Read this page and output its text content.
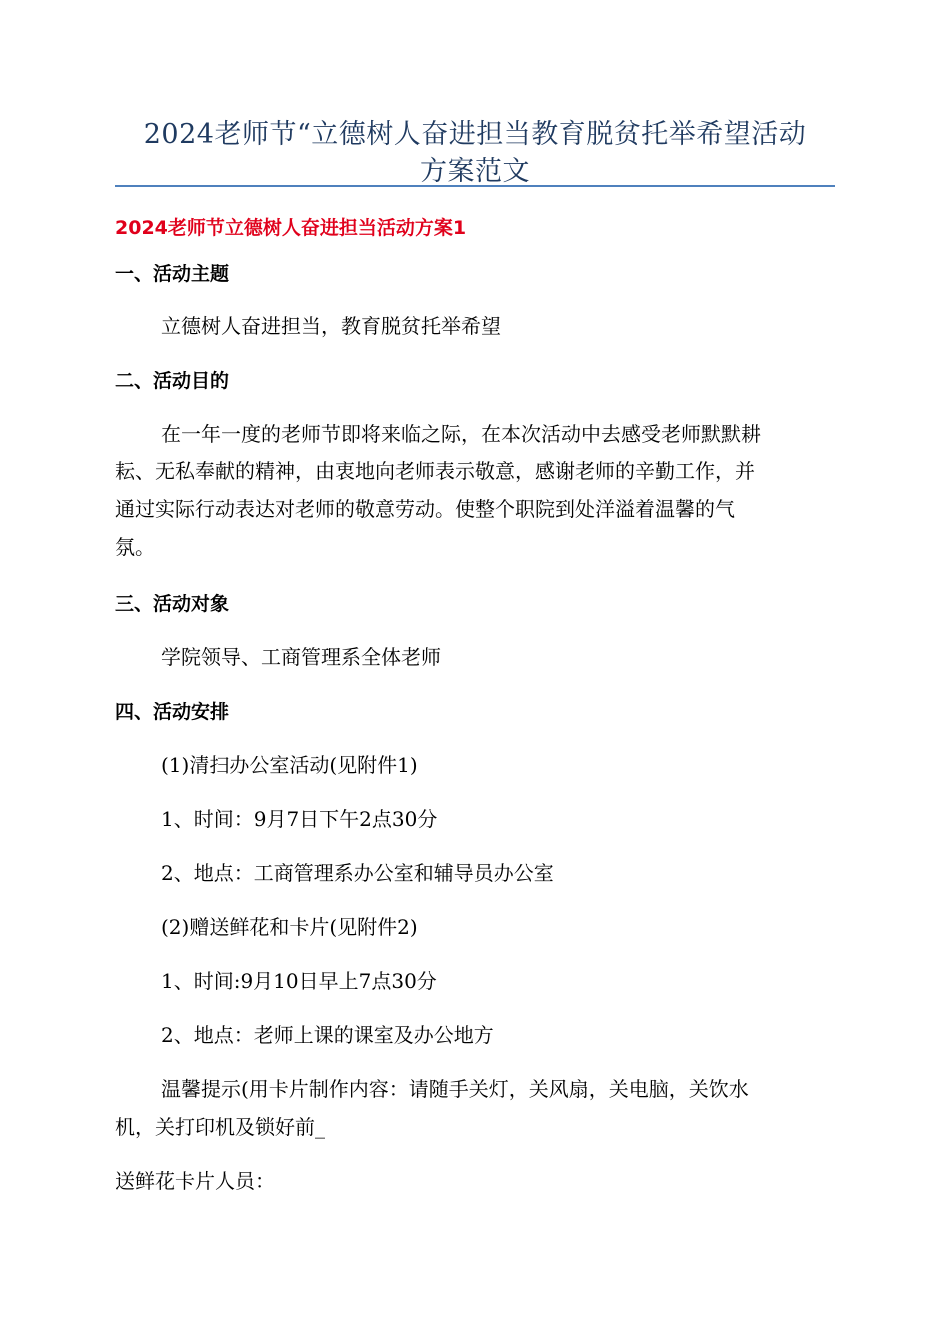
2024老师节“立德树人奋进担当教育脱贫托举希望活动
方案范文
2024老师节立德树人奋进担当活动方案1
一、活动主题
立德树人奋进担当，教育脱贫托举希望
二、活动目的
在一年一度的老师节即将来临之际，在本次活动中去感受老师默默耕
耘、无私奉献的精神，由衷地向老师表示敬意，感谢老师的辛勤工作，并
通过实际行动表达对老师的敬意劳动。使整个职院到处洋溢着温馨的气
氛。
三、活动对象
学院领导、工商管理系全体老师
四、活动安排
(1)清扫办公室活动(见附件1)
1、时间：9月7日下午2点30分
2、地点：工商管理系办公室和辅导员办公室
(2)赠送鲜花和卡片(见附件2)
1、时间:9月10日早上7点30分
2、地点：老师上课的课室及办公地方
温馨提示(用卡片制作内容：请随手关灯，关风扇，关电脑，关饮水
机，关打印机及锁好前_
送鲜花卡片人员：
